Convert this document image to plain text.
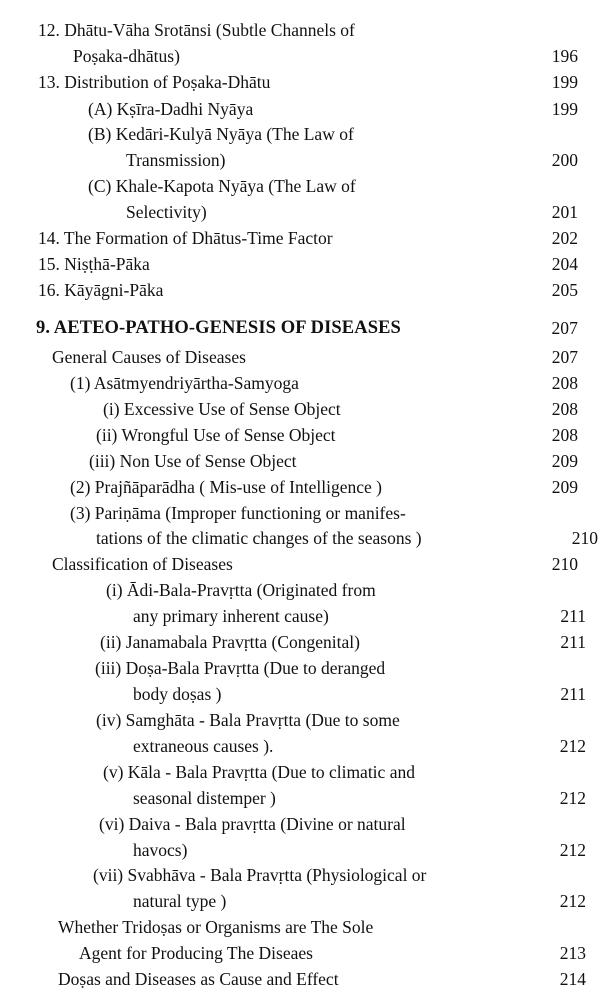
12. Dhātu-Vāha Srotānsi (Subtle Channels of
Poṣaka-dhātus)	196
13. Distribution of Poṣaka-Dhātu	199
(A) Kṣīra-Dadhi Nyāya	199
(B) Kedāri-Kulyā Nyāya (The Law of
Transmission)	200
(C) Khale-Kapota Nyāya (The Law of
Selectivity)	201
14. The Formation of Dhātus-Time Factor	202
15. Niṣṭhā-Pāka	204
16. Kāyāgni-Pāka	205
9. AETEO-PATHO-GENESIS OF DISEASES	207
General Causes of Diseases	207
(1) Asātmyendriyārtha-Samyoga	208
(i) Excessive Use of Sense Object	208
(ii) Wrongful Use of Sense Object	208
(iii) Non Use of Sense Object	209
(2) Prajñāparādha ( Mis-use of Intelligence )	209
(3) Pariṇāma (Improper functioning or manifes-
tations of the climatic changes of the seasons )	210
Classification of Diseases	210
(i) Ādi-Bala-Pravṛtta (Originated from
any primary inherent cause)	211
(ii) Janamabala Pravṛtta (Congenital)	211
(iii) Doṣa-Bala Pravṛtta (Due to deranged
body doṣas )	211
(iv) Samghāta - Bala Pravṛtta (Due to some
extraneous causes ).	212
(v) Kāla - Bala Pravṛtta (Due to climatic and
seasonal distemper )	212
(vi) Daiva - Bala pravṛtta (Divine or natural
havocs)	212
(vii) Svabhāva - Bala Pravṛtta (Physiological or
natural type )	212
Whether Tridoṣas or Organisms are The Sole
Agent for Producing The Diseaes	213
Doṣas and Diseases as Cause and Effect	214
